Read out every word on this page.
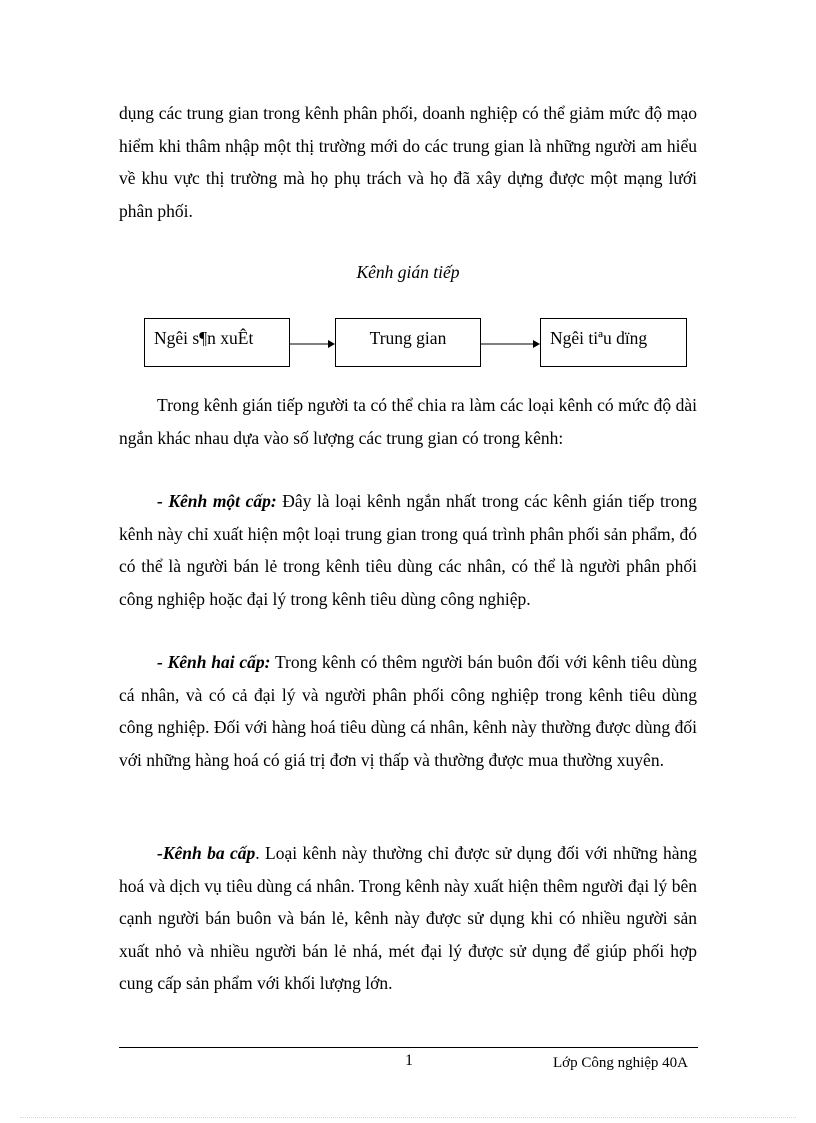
dụng các trung gian trong kênh phân phối, doanh nghiệp có thể giảm mức độ mạo hiểm khi thâm nhập một thị trường mới do các trung gian là những người am hiểu về khu vực thị trường mà họ phụ trách và họ đã xây dựng được một mạng lưới phân phối.

Kênh gián tiếp

Ngêi s¶n xuÊt	Trung gian	Ngêi tiªu dïng

Trong kênh gián tiếp người ta có thể chia ra làm các loại kênh có mức độ dài ngắn khác nhau dựa vào số lượng các trung gian có trong kênh:

- Kênh một cấp: Đây là loại kênh ngắn nhất trong các kênh gián tiếp trong kênh này chỉ xuất hiện một loại trung gian trong quá trình phân phối sản phẩm, đó có thể là người bán lẻ trong kênh tiêu dùng các nhân, có thể là người phân phối công nghiệp hoặc đại lý trong kênh tiêu dùng công nghiệp.

- Kênh hai cấp: Trong kênh có thêm người bán buôn đối với kênh tiêu dùng cá nhân, và có cả đại lý và người phân phối công nghiệp trong kênh tiêu dùng công nghiệp. Đối với hàng hoá tiêu dùng cá nhân, kênh này thường được dùng đối với những hàng hoá có giá trị đơn vị thấp và thường được mua thường xuyên.

-Kênh ba cấp. Loại kênh này thường chỉ được sử dụng đối với những hàng hoá và dịch vụ tiêu dùng cá nhân. Trong kênh này xuất hiện thêm người đại lý bên cạnh người bán buôn và bán lẻ, kênh này được sử dụng khi có nhiều người sản xuất nhỏ và nhiều người bán lẻ nhá, mét đại lý được sử dụng để giúp phối hợp cung cấp sản phẩm với khối lượng lớn.

1	Lớp Công nghiệp 40A
